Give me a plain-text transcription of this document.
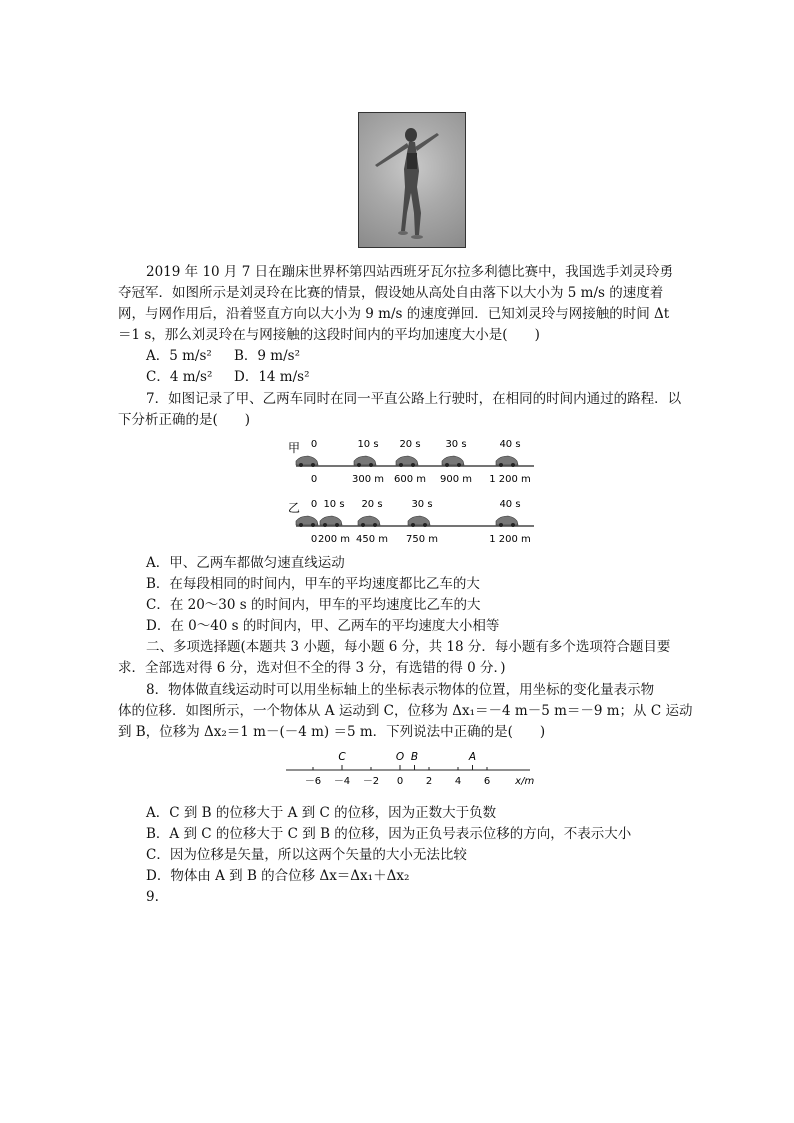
2019 年 10 月 7 日在蹦床世界杯第四站西班牙瓦尔拉多利德比赛中，我国选手刘灵玲勇
夺冠军．如图所示是刘灵玲在比赛的情景，假设她从高处自由落下以大小为 5 m/s 的速度着
网，与网作用后，沿着竖直方向以大小为 9 m/s 的速度弹回．已知刘灵玲与网接触的时间 Δt
＝1 s，那么刘灵玲在与网接触的这段时间内的平均加速度大小是(　　)
A．5 m/s² B．9 m/s²
C．4 m/s² D．14 m/s²
7．如图记录了甲、乙两车同时在同一平直公路上行驶时，在相同的时间内通过的路程．以
下分析正确的是(　　)
甲 0
0
10 s
300 m
20 s
600 m
30 s
900 m
40 s
1 200 m
乙 0
0
10 s
200 m
20 s
450 m
30 s
750 m
40 s
1 200 m
A．甲、乙两车都做匀速直线运动
B．在每段相同的时间内，甲车的平均速度都比乙车的大
C．在 20～30 s 的时间内，甲车的平均速度比乙车的大
D．在 0～40 s 的时间内，甲、乙两车的平均速度大小相等
二、多项选择题(本题共 3 小题，每小题 6 分，共 18 分．每小题有多个选项符合题目要
求．全部选对得 6 分，选对但不全的得 3 分，有选错的得 0 分．)
8．物体做直线运动时可以用坐标轴上的坐标表示物体的位置，用坐标的变化量表示物
体的位移．如图所示，一个物体从 A 运动到 C，位移为 Δx₁＝－4 m－5 m＝－9 m；从 C 运动
到 B，位移为 Δx₂＝1 m－(－4 m) ＝5 m．下列说法中正确的是(　　)
－6 －4 －2 0 2 4 6 x/m
C	O B	A
A．C 到 B 的位移大于 A 到 C 的位移，因为正数大于负数
B．A 到 C 的位移大于 C 到 B 的位移，因为正负号表示位移的方向，不表示大小
C．因为位移是矢量，所以这两个矢量的大小无法比较
D．物体由 A 到 B 的合位移 Δx＝Δx₁＋Δx₂
9.
